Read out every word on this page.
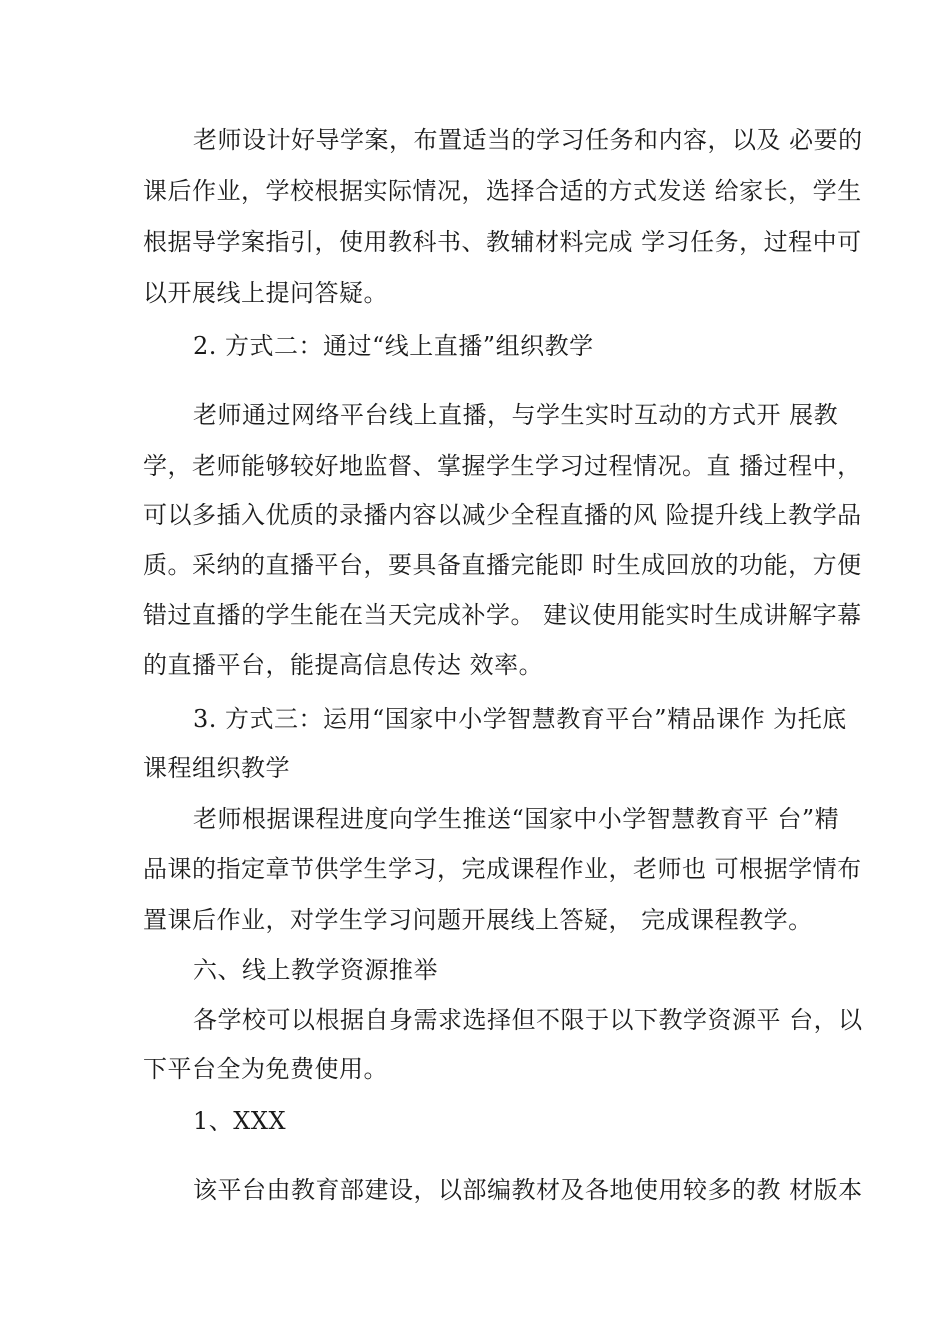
老师设计好导学案，布置适当的学习任务和内容，以及 必要的
课后作业，学校根据实际情况，选择合适的方式发送 给家长，学生
根据导学案指引，使用教科书、教辅材料完成 学习任务，过程中可
以开展线上提问答疑。
2. 方式二：通过“线上直播”组织教学
老师通过网络平台线上直播，与学生实时互动的方式开 展教
学，老师能够较好地监督、掌握学生学习过程情况。直 播过程中，
可以多插入优质的录播内容以减少全程直播的风 险提升线上教学品
质。采纳的直播平台，要具备直播完能即 时生成回放的功能，方便
错过直播的学生能在当天完成补学。 建议使用能实时生成讲解字幕
的直播平台，能提高信息传达 效率。
3. 方式三：运用“国家中小学智慧教育平台”精品课作 为托底
课程组织教学
老师根据课程进度向学生推送“国家中小学智慧教育平 台”精
品课的指定章节供学生学习，完成课程作业，老师也 可根据学情布
置课后作业，对学生学习问题开展线上答疑， 完成课程教学。
六、线上教学资源推举
各学校可以根据自身需求选择但不限于以下教学资源平 台，以
下平台全为免费使用。
1、XXX
该平台由教育部建设，以部编教材及各地使用较多的教 材版本
